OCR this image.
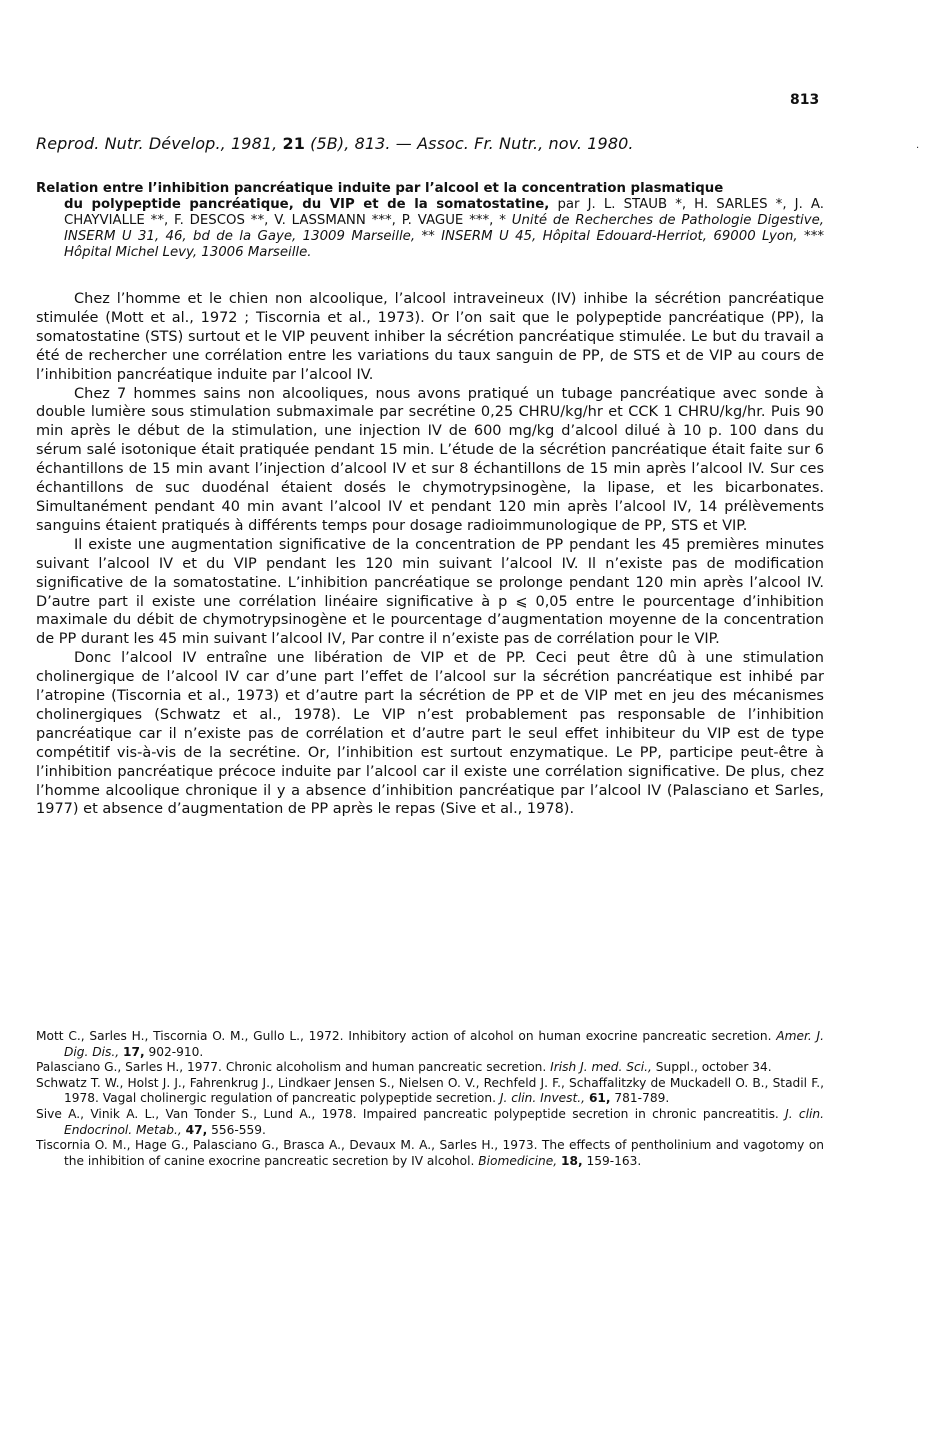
813
Reprod. Nutr. Dévelop., 1981, 21 (5B), 813. — Assoc. Fr. Nutr., nov. 1980.	·
Relation entre l’inhibition pancréatique induite par l’alcool et la concentration plasmatique
du polypeptide pancréatique, du VIP et de la somatostatine, par J. L. STAUB *, H. SARLES *, J. A. CHAYVIALLE **, F. DESCOS **, V. LASSMANN ***, P. VAGUE ***, * Unité de Recherches de Pathologie Digestive, INSERM U 31, 46, bd de la Gaye, 13009 Marseille, ** INSERM U 45, Hôpital Edouard-Herriot, 69000 Lyon, *** Hôpital Michel Levy, 13006 Marseille.

Chez l’homme et le chien non alcoolique, l’alcool intraveineux (IV) inhibe la sécrétion pancréatique stimulée (Mott et al., 1972 ; Tiscornia et al., 1973). Or l’on sait que le polypeptide pancréatique (PP), la somatostatine (STS) surtout et le VIP peuvent inhiber la sécrétion pancréatique stimulée. Le but du travail a été de rechercher une corrélation entre les variations du taux sanguin de PP, de STS et de VIP au cours de l’inhibition pancréatique induite par l’alcool IV.

Chez 7 hommes sains non alcooliques, nous avons pratiqué un tubage pancréatique avec sonde à double lumière sous stimulation submaximale par secrétine 0,25 CHRU/kg/hr et CCK 1 CHRU/kg/hr. Puis 90 min après le début de la stimulation, une injection IV de 600 mg/kg d’alcool dilué à 10 p. 100 dans du sérum salé isotonique était pratiquée pendant 15 min. L’étude de la sécrétion pancréatique était faite sur 6 échantillons de 15 min avant l’injection d’alcool IV et sur 8 échantillons de 15 min après l’alcool IV. Sur ces échantillons de suc duodénal étaient dosés le chymotrypsinogène, la lipase, et les bicarbonates. Simultanément pendant 40 min avant l’alcool IV et pendant 120 min après l’alcool IV, 14 prélèvements sanguins étaient pratiqués à différents temps pour dosage radioimmunologique de PP, STS et VIP.

Il existe une augmentation significative de la concentration de PP pendant les 45 premières minutes suivant l’alcool IV et du VIP pendant les 120 min suivant l’alcool IV. Il n’existe pas de modification significative de la somatostatine. L’inhibition pancréatique se prolonge pendant 120 min après l’alcool IV. D’autre part il existe une corrélation linéaire significative à p ⩽ 0,05 entre le pourcentage d’inhibition maximale du débit de chymotrypsinogène et le pourcentage d’augmentation moyenne de la concentration de PP durant les 45 min suivant l’alcool IV, Par contre il n’existe pas de corrélation pour le VIP.

Donc l’alcool IV entraîne une libération de VIP et de PP. Ceci peut être dû à une stimulation cholinergique de l’alcool IV car d’une part l’effet de l’alcool sur la sécrétion pancréatique est inhibé par l’atropine (Tiscornia et al., 1973) et d’autre part la sécrétion de PP et de VIP met en jeu des mécanismes cholinergiques (Schwatz et al., 1978). Le VIP n’est probablement pas responsable de l’inhibition pancréatique car il n’existe pas de corrélation et d’autre part le seul effet inhibiteur du VIP est de type compétitif vis-à-vis de la secrétine. Or, l’inhibition est surtout enzymatique. Le PP, participe peut-être à l’inhibition pancréatique précoce induite par l’alcool car il existe une corrélation significative. De plus, chez l’homme alcoolique chronique il y a absence d’inhibition pancréatique par l’alcool IV (Palasciano et Sarles, 1977) et absence d’augmentation de PP après le repas (Sive et al., 1978).

Mott C., Sarles H., Tiscornia O. M., Gullo L., 1972. Inhibitory action of alcohol on human exocrine pancreatic secretion. Amer. J. Dig. Dis., 17, 902-910.
Palasciano G., Sarles H., 1977. Chronic alcoholism and human pancreatic secretion. Irish J. med. Sci., Suppl., october 34.
Schwatz T. W., Holst J. J., Fahrenkrug J., Lindkaer Jensen S., Nielsen O. V., Rechfeld J. F., Schaffalitzky de Muckadell O. B., Stadil F., 1978. Vagal cholinergic regulation of pancreatic polypeptide secretion. J. clin. Invest., 61, 781-789.
Sive A., Vinik A. L., Van Tonder S., Lund A., 1978. Impaired pancreatic polypeptide secretion in chronic pancreatitis. J. clin. Endocrinol. Metab., 47, 556-559.
Tiscornia O. M., Hage G., Palasciano G., Brasca A., Devaux M. A., Sarles H., 1973. The effects of pentholinium and vagotomy on the inhibition of canine exocrine pancreatic secretion by IV alcohol. Biomedicine, 18, 159-163.
